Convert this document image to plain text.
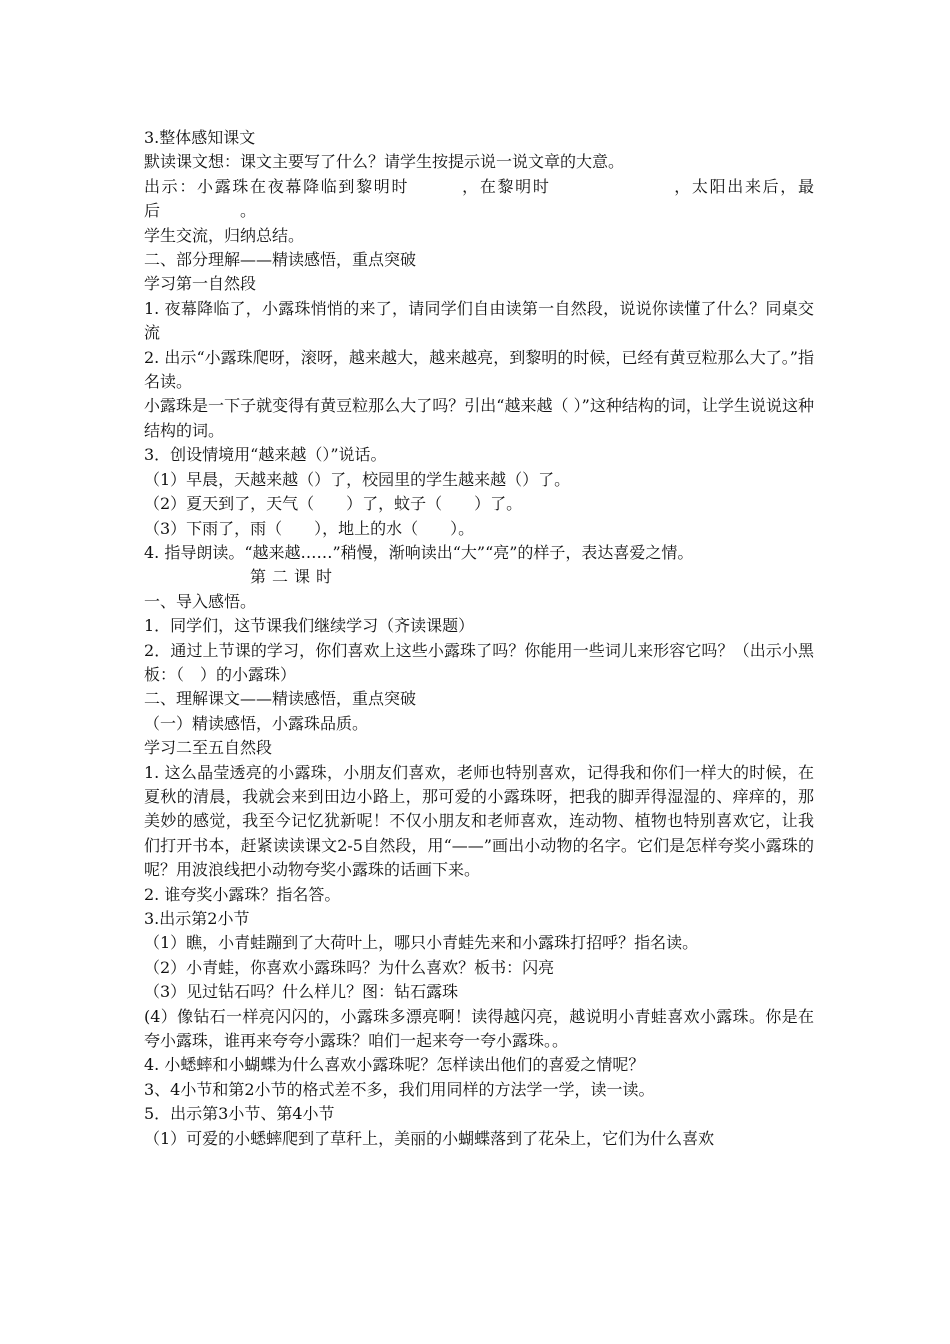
3.整体感知课文

默读课文想：课文主要写了什么？请学生按提示说一说文章的大意。

出示：小露珠在夜幕降临到黎明时　　　，在黎明时　　　　　　　，太阳出来后，最后　　　　　。

学生交流，归纳总结。

二、部分理解——精读感悟，重点突破

学习第一自然段

1. 夜幕降临了，小露珠悄悄的来了，请同学们自由读第一自然段，说说你读懂了什么？同桌交流

2. 出示“小露珠爬呀，滚呀，越来越大，越来越亮，到黎明的时候，已经有黄豆粒那么大了。”指名读。

小露珠是一下子就变得有黄豆粒那么大了吗？引出“越来越（ ）”这种结构的词，让学生说说这种结构的词。

3．创设情境用“越来越（）”说话。

（1）早晨，天越来越（）了，校园里的学生越来越（）了。

（2）夏天到了，天气（　　）了，蚊子（　　）了。

（3）下雨了，雨（　　），地上的水（　　）。

4. 指导朗读。“越来越……”稍慢，渐响读出“大”“亮”的样子，表达喜爱之情。

第二课时

一、导入感悟。

1．同学们，这节课我们继续学习（齐读课题）

2．通过上节课的学习，你们喜欢上这些小露珠了吗？你能用一些词儿来形容它吗？（出示小黑板：（　）的小露珠）

二、理解课文——精读感悟，重点突破

（一）精读感悟，小露珠品质。

学习二至五自然段

1. 这么晶莹透亮的小露珠，小朋友们喜欢，老师也特别喜欢，记得我和你们一样大的时候，在夏秋的清晨，我就会来到田边小路上，那可爱的小露珠呀，把我的脚弄得湿湿的、痒痒的，那美妙的感觉，我至今记忆犹新呢！不仅小朋友和老师喜欢，连动物、植物也特别喜欢它，让我们打开书本，赶紧读读课文2-5自然段，用“——”画出小动物的名字。它们是怎样夸奖小露珠的呢？用波浪线把小动物夸奖小露珠的话画下来。

2. 谁夸奖小露珠？指名答。

3.出示第2小节

（1）瞧，小青蛙蹦到了大荷叶上，哪只小青蛙先来和小露珠打招呼？指名读。

（2）小青蛙，你喜欢小露珠吗？为什么喜欢？板书：闪亮

（3）见过钻石吗？什么样儿？图：钻石露珠

(4）像钻石一样亮闪闪的，小露珠多漂亮啊！读得越闪亮，越说明小青蛙喜欢小露珠。你是在夸小露珠，谁再来夸夸小露珠？咱们一起来夸一夸小露珠。。

4. 小蟋蟀和小蝴蝶为什么喜欢小露珠呢？怎样读出他们的喜爱之情呢？

3、4小节和第2小节的格式差不多，我们用同样的方法学一学，读一读。

5．出示第3小节、第4小节

（1）可爱的小蟋蟀爬到了草秆上，美丽的小蝴蝶落到了花朵上，它们为什么喜欢
